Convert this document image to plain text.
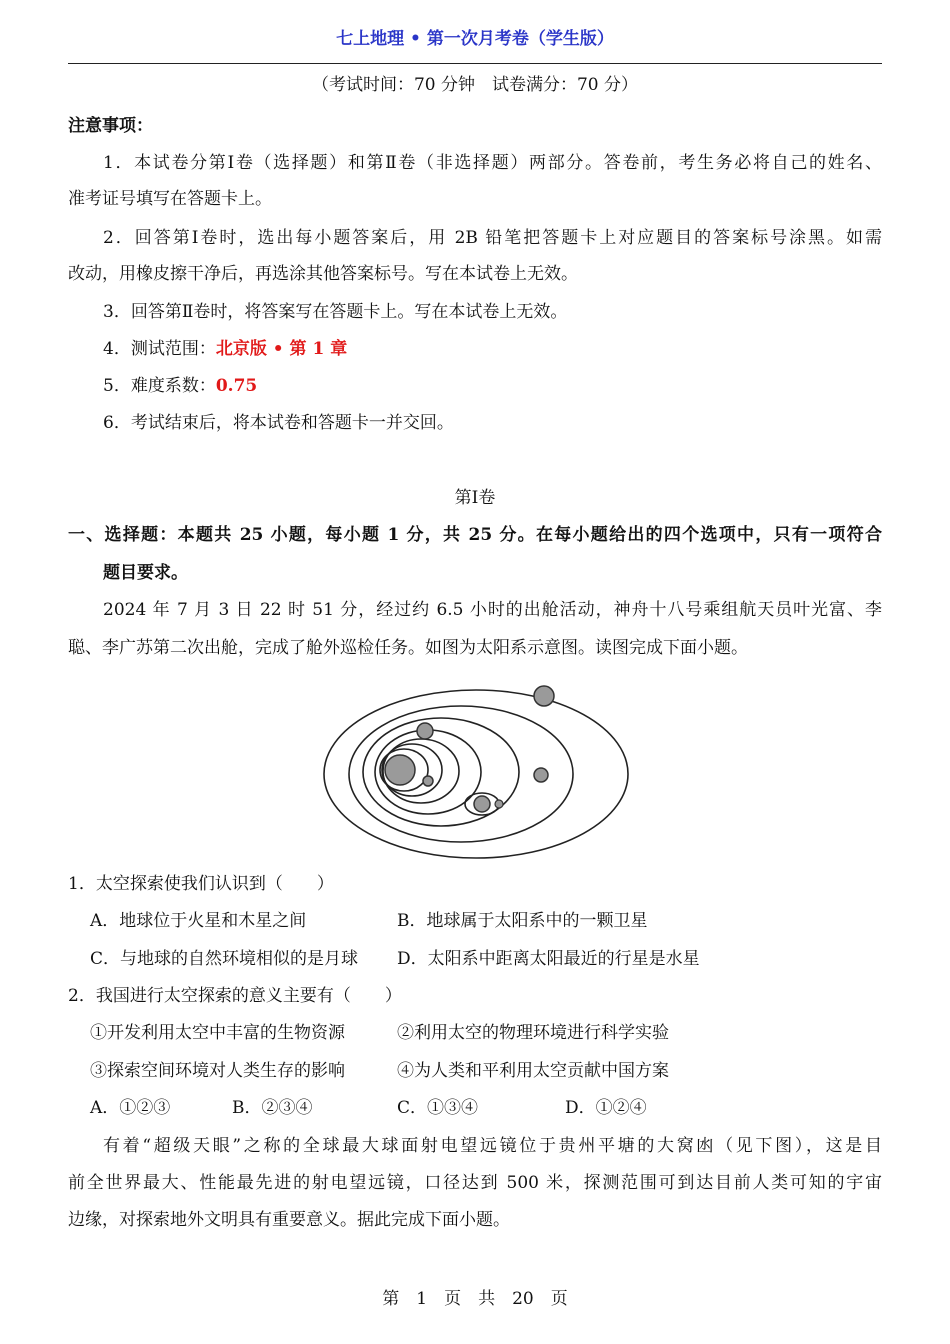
七上地理 • 第一次月考卷（学生版）
（考试时间：70 分钟　试卷满分：70 分）
注意事项：
1．本试卷分第Ⅰ卷（选择题）和第Ⅱ卷（非选择题）两部分。答卷前，考生务必将自己的姓名、
准考证号填写在答题卡上。
2．回答第Ⅰ卷时，选出每小题答案后，用 2B 铅笔把答题卡上对应题目的答案标号涂黑。如需
改动，用橡皮擦干净后，再选涂其他答案标号。写在本试卷上无效。
3．回答第Ⅱ卷时，将答案写在答题卡上。写在本试卷上无效。
4．测试范围：北京版 • 第 1 章
5．难度系数：0.75
6．考试结束后，将本试卷和答题卡一并交回。
第Ⅰ卷
一、选择题：本题共 25 小题，每小题 1 分，共 25 分。在每小题给出的四个选项中，只有一项符合
题目要求。
2024 年 7 月 3 日 22 时 51 分，经过约 6.5 小时的出舱活动，神舟十八号乘组航天员叶光富、李
聪、李广苏第二次出舱，完成了舱外巡检任务。如图为太阳系示意图。读图完成下面小题。
1．太空探索使我们认识到（　　）
A．地球位于火星和木星之间	B．地球属于太阳系中的一颗卫星
C．与地球的自然环境相似的是月球 D．太阳系中距离太阳最近的行星是水星
2．我国进行太空探索的意义主要有（　　）
①开发利用太空中丰富的生物资源	②利用太空的物理环境进行科学实验
③探索空间环境对人类生存的影响	④为人类和平利用太空贡献中国方案
A．①②③	B．②③④	C．①③④	D．①②④
有着“超级天眼”之称的全球最大球面射电望远镜位于贵州平塘的大窝凼（见下图），这是目
前全世界最大、性能最先进的射电望远镜，口径达到 500 米，探测范围可到达目前人类可知的宇宙
边缘，对探索地外文明具有重要意义。据此完成下面小题。
第　1　页　共　20　页
